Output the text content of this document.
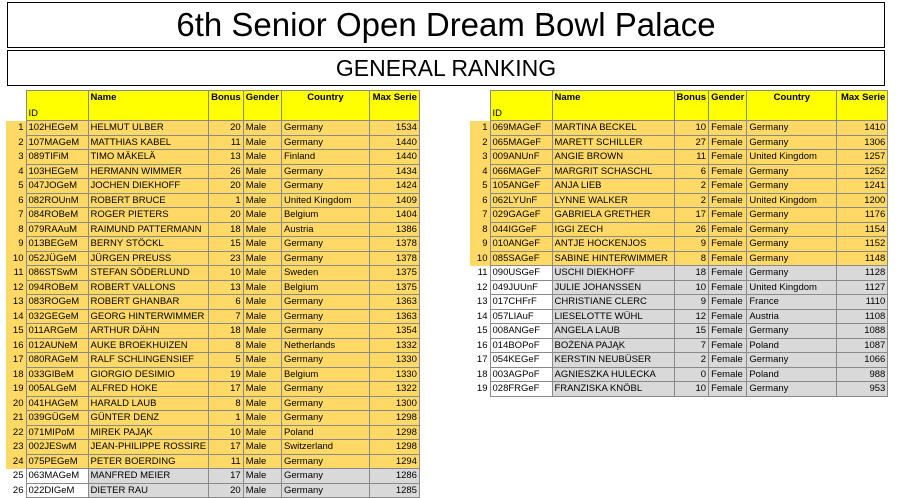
6th Senior Open Dream Bowl Palace
GENERAL RANKING
	ID	Name	Bonus	Gender	Country	Max Serie
1	102HEGeM	HELMUT ULBER	20	Male	Germany	1534
2	107MAGeM	MATTHIAS KABEL	11	Male	Germany	1440
3	089TIFiM	TIMO MÄKELÄ	13	Male	Finland	1440
4	103HEGeM	HERMANN WIMMER	26	Male	Germany	1434
5	047JOGeM	JOCHEN DIEKHOFF	20	Male	Germany	1424
6	082ROUnM	ROBERT BRUCE	1	Male	United Kingdom	1409
7	084ROBeM	ROGER PIETERS	20	Male	Belgium	1404
8	079RAAuM	RAIMUND PATTERMANN	18	Male	Austria	1386
9	013BEGeM	BERNY STÖCKL	15	Male	Germany	1378
10	052JÜGeM	JÜRGEN PREUSS	23	Male	Germany	1378
11	086STSwM	STEFAN SÖDERLUND	10	Male	Sweden	1375
12	094ROBeM	ROBERT VALLONS	13	Male	Belgium	1375
13	083ROGeM	ROBERT GHANBAR	6	Male	Germany	1363
14	032GEGeM	GEORG HINTERWIMMER	7	Male	Germany	1363
15	011ARGeM	ARTHUR DÄHN	18	Male	Germany	1354
16	012AUNeM	AUKE BROEKHUIZEN	8	Male	Netherlands	1332
17	080RAGeM	RALF SCHLINGENSIEF	5	Male	Germany	1330
18	033GIBeM	GIORGIO DESIMIO	19	Male	Belgium	1330
19	005ALGeM	ALFRED HOKE	17	Male	Germany	1322
20	041HAGeM	HARALD LAUB	8	Male	Germany	1300
21	039GÜGeM	GÜNTER DENZ	1	Male	Germany	1298
22	071MIPoM	MIREK PAJĄK	10	Male	Poland	1298
23	002JESwM	JEAN-PHILIPPE ROSSIRE	17	Male	Switzerland	1298
24	075PEGeM	PETER BOERDING	11	Male	Germany	1294
25	063MAGeM	MANFRED MEIER	17	Male	Germany	1286
26	022DIGeM	DIETER RAU	20	Male	Germany	1285
	ID	Name	Bonus	Gender	Country	Max Serie
1	069MAGeF	MARTINA BECKEL	10	Female	Germany	1410
2	065MAGeF	MARETT SCHILLER	27	Female	Germany	1306
3	009ANUnF	ANGIE BROWN	11	Female	United Kingdom	1257
4	066MAGeF	MARGRIT SCHASCHL	6	Female	Germany	1252
5	105ANGeF	ANJA LIEB	2	Female	Germany	1241
6	062LYUnF	LYNNE WALKER	2	Female	United Kingdom	1200
7	029GAGeF	GABRIELA GRETHER	17	Female	Germany	1176
8	044IGGeF	IGGI ZECH	26	Female	Germany	1154
9	010ANGeF	ANTJE HOCKENJOS	9	Female	Germany	1152
10	085SAGeF	SABINE HINTERWIMMER	8	Female	Germany	1148
11	090USGeF	USCHI DIEKHOFF	18	Female	Germany	1128
12	049JUUnF	JULIE JOHANSSEN	10	Female	United Kingdom	1127
13	017CHFrF	CHRISTIANE CLERC	9	Female	France	1110
14	057LIAuF	LIESELOTTE WÜHL	12	Female	Austria	1108
15	008ANGeF	ANGELA LAUB	15	Female	Germany	1088
16	014BOPoF	BOŻENA PAJĄK	7	Female	Poland	1087
17	054KEGeF	KERSTIN NEUBÜSER	2	Female	Germany	1066
18	003AGPoF	AGNIESZKA HULECKA	0	Female	Poland	988
19	028FRGeF	FRANZISKA KNÖBL	10	Female	Germany	953
